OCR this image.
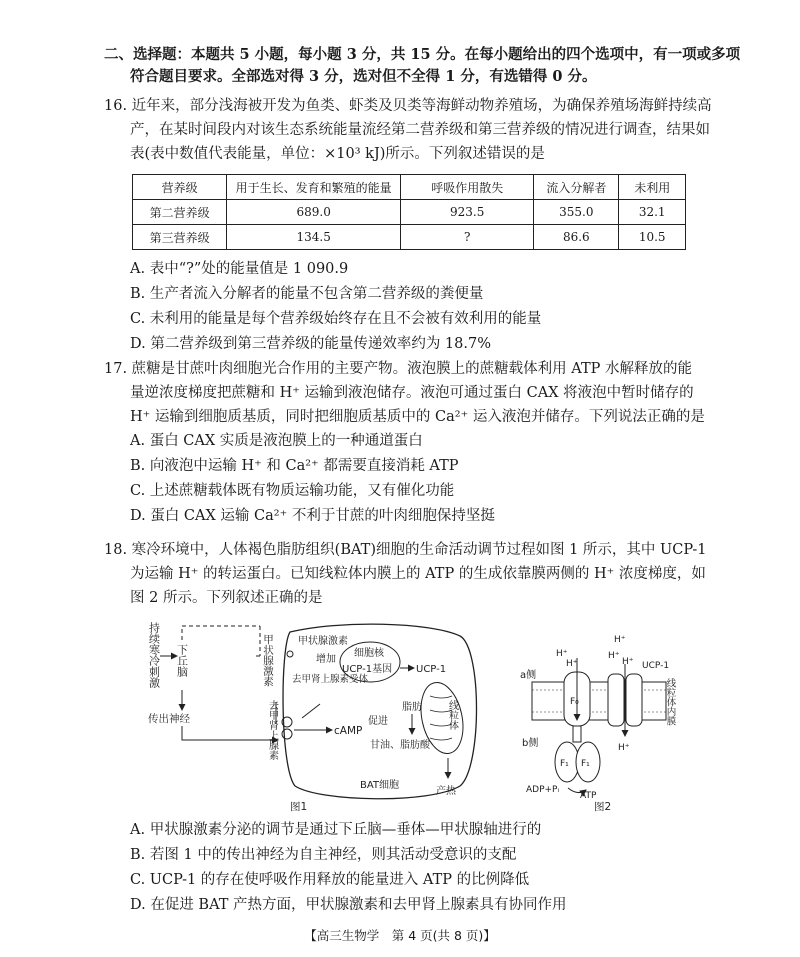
二、选择题：本题共 5 小题，每小题 3 分，共 15 分。在每小题给出的四个选项中，有一项或多项
符合题目要求。全部选对得 3 分，选对但不全得 1 分，有选错得 0 分。
16. 近年来，部分浅海被开发为鱼类、虾类及贝类等海鲜动物养殖场，为确保养殖场海鲜持续高
产，在某时间段内对该生态系统能量流经第二营养级和第三营养级的情况进行调查，结果如
表(表中数值代表能量，单位：×10³ kJ)所示。下列叙述错误的是
营养级	用于生长、发育和繁殖的能量	呼吸作用散失	流入分解者	未利用
第二营养级	689.0	923.5	355.0	32.1
第三营养级	134.5	?	86.6	10.5
A. 表中“?”处的能量值是 1 090.9
B. 生产者流入分解者的能量不包含第二营养级的粪便量
C. 未利用的能量是每个营养级始终存在且不会被有效利用的能量
D. 第二营养级到第三营养级的能量传递效率约为 18.7%
17. 蔗糖是甘蔗叶肉细胞光合作用的主要产物。液泡膜上的蔗糖载体利用 ATP 水解释放的能
量逆浓度梯度把蔗糖和 H⁺ 运输到液泡储存。液泡可通过蛋白 CAX 将液泡中暂时储存的
H⁺ 运输到细胞质基质，同时把细胞质基质中的 Ca²⁺ 运入液泡并储存。下列说法正确的是
A. 蛋白 CAX 实质是液泡膜上的一种通道蛋白
B. 向液泡中运输 H⁺ 和 Ca²⁺ 都需要直接消耗 ATP
C. 上述蔗糖载体既有物质运输功能，又有催化功能
D. 蛋白 CAX 运输 Ca²⁺ 不利于甘蔗的叶肉细胞保持坚挺
18. 寒冷环境中，人体褐色脂肪组织(BAT)细胞的生命活动调节过程如图 1 所示，其中 UCP-1
为运输 H⁺ 的转运蛋白。已知线粒体内膜上的 ATP 的生成依靠膜两侧的 H⁺ 浓度梯度，如
图 2 所示。下列叙述正确的是
持续寒冷刺激 下丘脑	甲状腺激素
传出神经	去甲肾上腺素
甲状腺激素
增加
细胞核
UCP-1基因 UCP-1
去甲肾上腺素受体
cAMP
脂肪
促进
甘油、脂肪酸
线粒体
BAT细胞
产热
图1
a侧
b侧
F₀
F₁ F₁
H⁺
H⁺	H⁺
H⁺
H⁺
H⁺
UCP-1
线粒体内膜
ADP+Pᵢ
ATP
图2
A. 甲状腺激素分泌的调节是通过下丘脑—垂体—甲状腺轴进行的
B. 若图 1 中的传出神经为自主神经，则其活动受意识的支配
C. UCP-1 的存在使呼吸作用释放的能量进入 ATP 的比例降低
D. 在促进 BAT 产热方面，甲状腺激素和去甲肾上腺素具有协同作用
【高三生物学　第 4 页(共 8 页)】
